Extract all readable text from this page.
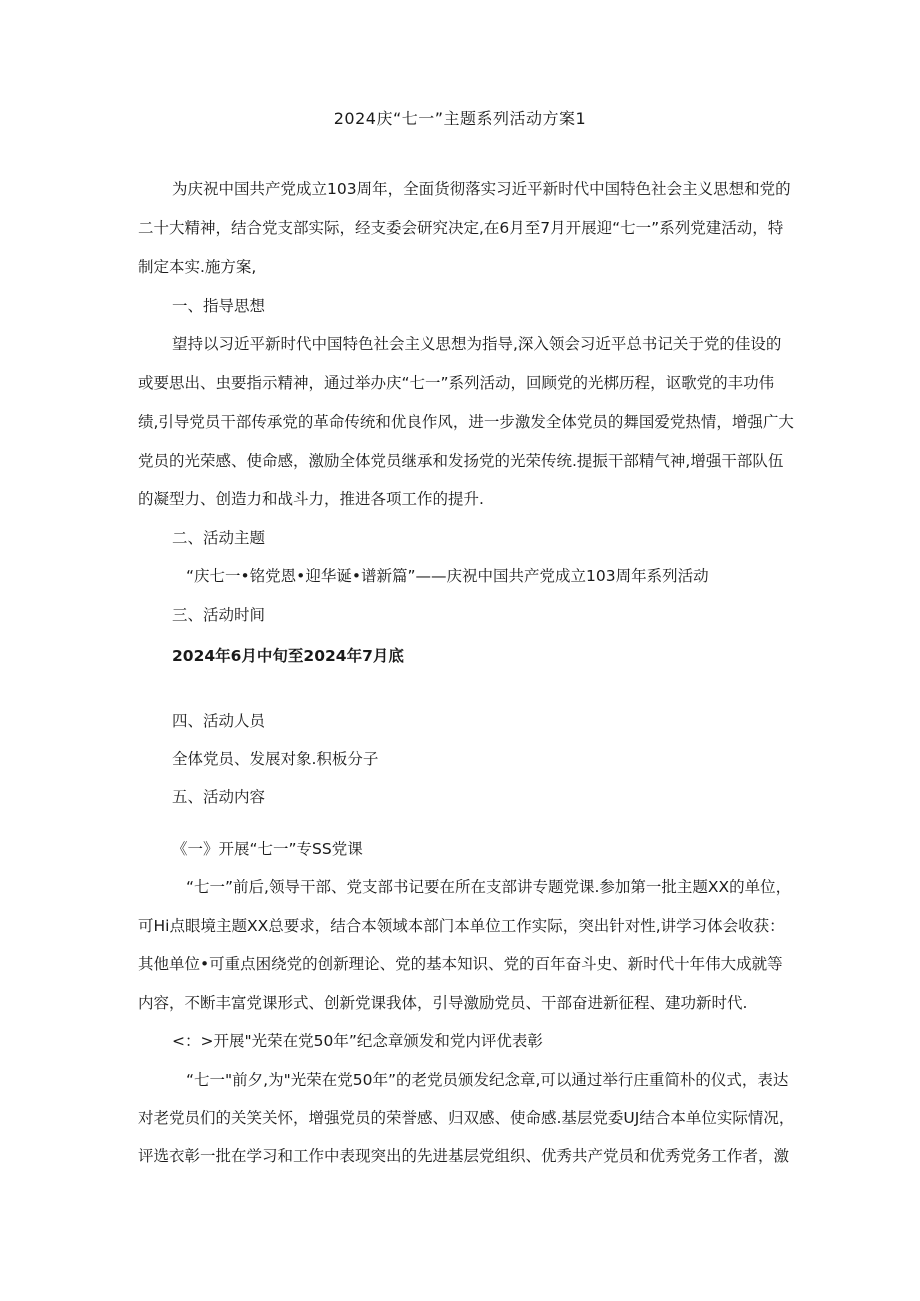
2024庆“七一”主题系列活动方案1
为庆祝中国共产党成立103周年，全面货彻落实习近平新时代中国特色社会主义思想和党的
二十大精神，结合党支部实际，经支委会研究决定,在6月至7月开展迎“七一”系列党建活动，特
制定本实.施方案,
一、指导思想
望持以习近平新时代中国特色社会主义思想为指导,深入领会习近平总书记关于党的佳设的
或要思出、虫要指示精神，通过举办庆“七一”系列活动，回顾党的光梆历程，讴歌党的丰功伟
绩,引导党员干部传承党的革命传统和优良作风，进一步激发全体党员的舞国爱党热情，增强广大
党员的光荣感、使命感，激励全体党员继承和发扬党的光荣传统.提振干部精气神,增强干部队伍
的凝型力、创造力和战斗力，推进各项工作的提升.
二、活动主题
“庆七一•铭党恩•迎华诞•谱新篇”——庆祝中国共产党成立103周年系列活动
三、活动时间
2024年6月中旬至2024年7月底
四、活动人员
全体党员、发展对象.积板分子
五、活动内容
《一》开展“七一”专SS党课
“七一”前后,领导干部、党支部书记要在所在支部讲专题党课.参加第一批主题XX的单位，
可Hi点眼境主题XX总要求，结合本领域本部门本单位工作实际，突出针对性,讲学习体会收获：
其他单位•可重点困绕党的创新理论、党的基本知识、党的百年奋斗史、新时代十年伟大成就等
内容，不断丰富党课形式、创新党课我体，引导激励党员、干部奋进新征程、建功新时代.
<：>开展"光荣在党50年”纪念章颁发和党内评优表彰
“七一"前夕,为"光荣在党50年”的老党员颁发纪念章,可以通过举行庄重简朴的仪式，表达
对老党员们的关笑关怀，增强党员的荣誉感、归双感、使命感.基层党委UJ结合本单位实际情况，
评选衣彰一批在学习和工作中表现突出的先进基层党组织、优秀共产党员和优秀党务工作者，激
